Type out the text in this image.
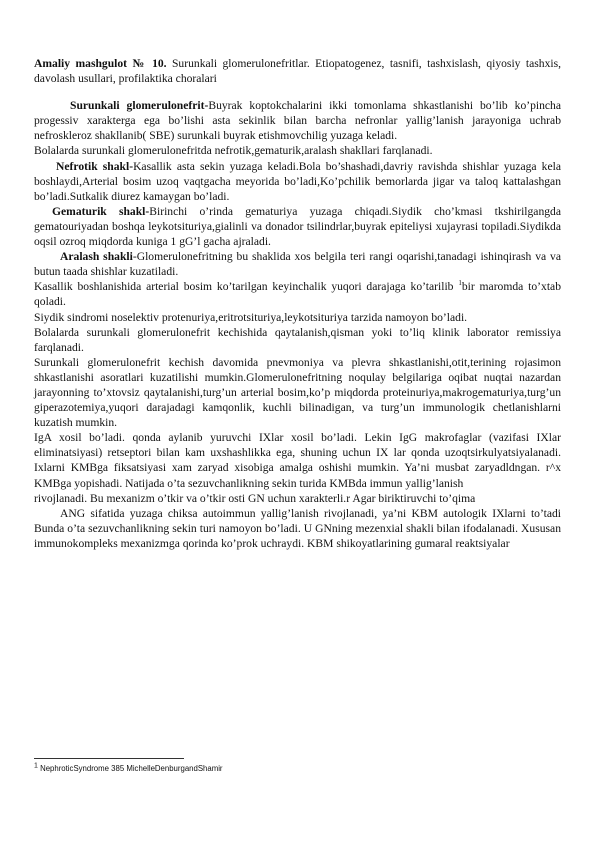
Amaliy mashgulot № 10. Surunkali glomerulonefritlar. Etiopatogenez, tasnifi, tashxislash, qiyosiy tashxis, davolash usullari, profilaktika choralari

Surunkali glomerulonefrit-Buyrak koptokchalarini ikki tomonlama shkastlanishi bo’lib ko’pincha progessiv xarakterga ega bo’lishi asta sekinlik bilan barcha nefronlar yallig’lanish jarayoniga uchrab nefroskleroz shakllanib( SBE) surunkali buyrak etishmovchilig yuzaga keladi.

Bolalarda surunkali glomerulonefritda nefrotik,gematurik,aralash shakllari farqlanadi.

Nefrotik shakl-Kasallik asta sekin yuzaga keladi.Bola bo’shashadi,davriy ravishda shishlar yuzaga kela boshlaydi,Arterial bosim uzoq vaqtgacha meyorida bo’ladi,Ko’pchilik bemorlarda jigar va taloq kattalashgan bo’ladi.Sutkalik diurez kamaygan bo’ladi.

Gematurik shakl-Birinchi o’rinda gematuriya yuzaga chiqadi.Siydik cho’kmasi tkshirilgangda gematouriyadan boshqa leykotsituriya,gialinli va donador tsilindrlar,buyrak epiteliysi xujayrasi topiladi.Siydikda oqsil ozroq miqdorda kuniga 1 gG’l gacha ajraladi.

Aralash shakli-Glomerulonefritning bu shaklida xos belgila teri rangi oqarishi,tanadagi ishinqirash va va butun taada shishlar kuzatiladi.

Kasallik boshlanishida arterial bosim ko’tarilgan keyinchalik yuqori darajaga ko’tarilib $^1$bir maromda to’xtab qoladi.

Siydik sindromi noselektiv protenuriya,eritrotsituriya,leykotsituriya tarzida namoyon bo’ladi.

Bolalarda surunkali glomerulonefrit kechishida qaytalanish,qisman yoki to’liq klinik laborator remissiya farqlanadi.

Surunkali glomerulonefrit kechish davomida pnevmoniya va plevra shkastlanishi,otit,terining rojasimon shkastlanishi asoratlari kuzatilishi mumkin.Glomerulonefritning noqulay belgilariga oqibat nuqtai nazardan jarayonning to’xtovsiz qaytalanishi,turg’un arterial bosim,ko’p miqdorda proteinuriya,makrogematuriya,turg’un giperazotemiya,yuqori darajadagi kamqonlik, kuchli bilinadigan, va turg’un immunologik chetlanishlarni kuzatish mumkin.

IgA xosil bo’ladi. qonda aylanib yuruvchi IXlar xosil bo’ladi. Lekin IgG makrofaglar (vazifasi IXlar eliminatsiyasi) retseptori bilan kam uxshashlikka ega, shuning uchun IX lar qonda uzoqtsirkulyatsiyalanadi. Ixlarni KMBga fiksatsiyasi xam zaryad xisobiga amalga oshishi mumkin. Ya’ni musbat zaryadldngan. r^x KMBga yopishadi. Natijada o’ta sezuvchanlikning sekin turida KMBda immun yallig’lanish

rivojlanadi. Bu mexanizm o’tkir va o’tkir osti GN uchun xarakterli.r Agar biriktiruvchi to’qima

ANG sifatida yuzaga chiksa autoimmun yallig’lanish rivojlanadi, ya’ni KBM autologik IXlarni to’tadi Bunda o’ta sezuvchanlikning sekin turi namoyon bo’ladi. U GNning mezenxial shakli bilan ifodalanadi. Xususan immunokompleks mexanizmga qorinda ko’prok uchraydi. KBM shikoyatlarining gumaral reaktsiyalar

$^1$ NephroticSyndrome 385 MichelleDenburgandShamir
